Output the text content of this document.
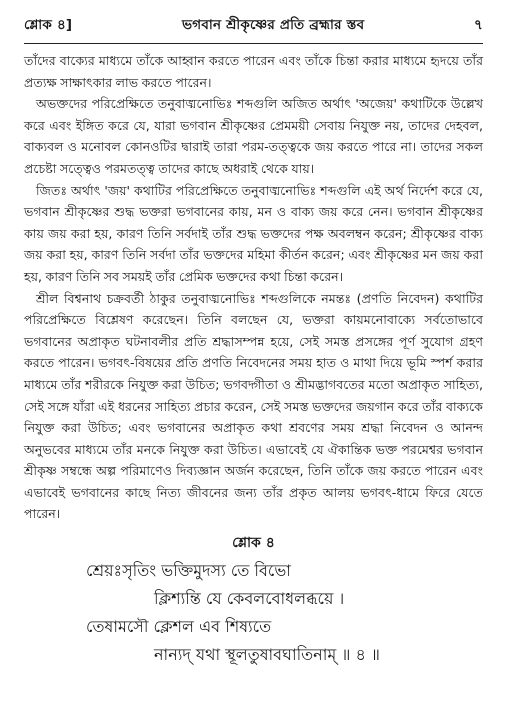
শ্লোক ৪]	ভগবান শ্রীকৃষ্ণের প্রতি ব্রহ্মার স্তব	৭

তাঁদের বাক্যের মাধ্যমে তাঁকে আহ্বান করতে পারেন এবং তাঁকে চিন্তা করার মাধ্যমে হৃদয়ে তাঁর প্রত্যক্ষ সাক্ষাৎকার লাভ করতে পারেন।

অভক্তদের পরিপ্রেক্ষিতে তনুবাঙ্মনোভিঃ শব্দগুলি অজিত অর্থাৎ 'অজেয়' কথাটিকে উল্লেখ করে এবং ইঙ্গিত করে যে, যারা ভগবান শ্রীকৃষ্ণের প্রেমময়ী সেবায় নিযুক্ত নয়, তাদের দেহবল, বাক্যবল ও মনোবল কোনওটির দ্বারাই তারা পরম-তত্ত্বকে জয় করতে পারে না। তাদের সকল প্রচেষ্টা সত্ত্বেও পরমতত্ত্ব তাদের কাছে অধরাই থেকে যায়।

জিতঃ অর্থাৎ 'জয়' কথাটির পরিপ্রেক্ষিতে তনুবাঙ্মনোভিঃ শব্দগুলি এই অর্থ নির্দেশ করে যে, ভগবান শ্রীকৃষ্ণের শুদ্ধ ভক্তরা ভগবানের কায়, মন ও বাক্য জয় করে নেন। ভগবান শ্রীকৃষ্ণের কায় জয় করা হয়, কারণ তিনি সর্বদাই তাঁর শুদ্ধ ভক্তদের পক্ষ অবলম্বন করেন; শ্রীকৃষ্ণের বাক্য জয় করা হয়, কারণ তিনি সর্বদা তাঁর ভক্তদের মহিমা কীর্তন করেন; এবং শ্রীকৃষ্ণের মন জয় করা হয়, কারণ তিনি সব সময়ই তাঁর প্রেমিক ভক্তদের কথা চিন্তা করেন।

শ্রীল বিশ্বনাথ চক্রবর্তী ঠাকুর তনুবাঙ্মনোভিঃ শব্দগুলিকে নমন্তঃ (প্রণতি নিবেদন) কথাটির পরিপ্রেক্ষিতে বিশ্লেষণ করেছেন। তিনি বলছেন যে, ভক্তরা কায়মনোবাক্যে সর্বতোভাবে ভগবানের অপ্রাকৃত ঘটনাবলীর প্রতি শ্রদ্ধাসম্পন্ন হয়ে, সেই সমস্ত প্রসঙ্গের পূর্ণ সুযোগ গ্রহণ করতে পারেন। ভগবৎ-বিষয়ের প্রতি প্রণতি নিবেদনের সময় হাত ও মাথা দিয়ে ভূমি স্পর্শ করার মাধ্যমে তাঁর শরীরকে নিযুক্ত করা উচিত; ভগবদ্গীতা ও শ্রীমদ্ভাগবতের মতো অপ্রাকৃত সাহিত্য, সেই সঙ্গে যাঁরা এই ধরনের সাহিত্য প্রচার করেন, সেই সমস্ত ভক্তদের জয়গান করে তাঁর বাক্যকে নিযুক্ত করা উচিত; এবং ভগবানের অপ্রাকৃত কথা শ্রবণের সময় শ্রদ্ধা নিবেদন ও আনন্দ অনুভবের মাধ্যমে তাঁর মনকে নিযুক্ত করা উচিত। এভাবেই যে ঐকান্তিক ভক্ত পরমেশ্বর ভগবান শ্রীকৃষ্ণ সম্বন্ধে অল্প পরিমাণেও দিব্যজ্ঞান অর্জন করেছেন, তিনি তাঁকে জয় করতে পারেন এবং এভাবেই ভগবানের কাছে নিত্য জীবনের জন্য তাঁর প্রকৃত আলয় ভগবৎ-ধামে ফিরে যেতে পারেন।

শ্লোক ৪
শ্রেয়ঃসৃতিং ভক্তিমুদস্য তে বিভো
ক্লিশ্যন্তি যে কেবলবোধলব্ধয়ে ।
তেষামসৌ ক্লেশল এব শিষ্যতে
নান্যদ্ যথা স্থূলতুষাবঘাতিনাম্ ॥ ৪ ॥
